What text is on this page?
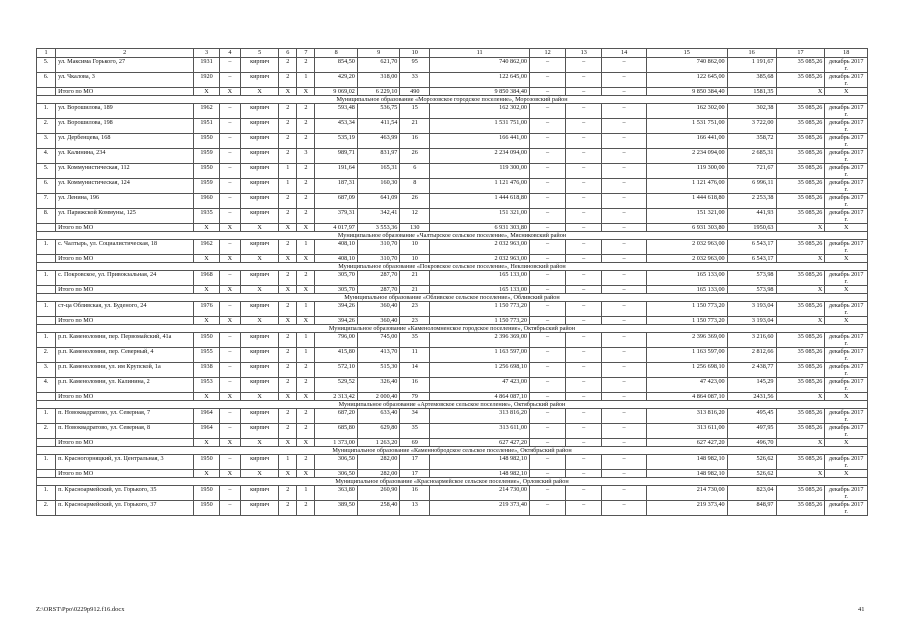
1	2	3	4	5	6	7	8	9	10	11	12	13	14	15	16	17	18
5.	ул. Максима Горького, 27	1931	–	кирпич	2	2	854,50	621,70	95	740 862,00	–	–	–	740 862,00	1 191,67	35 085,26	декабрь 2017 г.
6.	ул. Чкалова, 3	1920	–	кирпич	2	1	429,20	318,00	33	122 645,00	–	–	–	122 645,00	385,68	35 085,26	декабрь 2017 г.
	Итого по МО	X	X	X	X	X	9 069,02	6 229,10	490	9 850 384,40	–	–	–	9 850 384,40	1581,35	X	X
Муниципальное образование «Морозовское городское поселение», Морозовский район																	
1.	ул. Ворошилова, 189	1962	–	кирпич	2	2	593,48	536,75	15	162 302,00	–	–	–	162 302,00	302,38	35 085,26	декабрь 2017 г.
2.	ул. Ворошилова, 198	1951	–	кирпич	2	2	453,34	411,54	21	1 531 751,00	–	–	–	1 531 751,00	3 722,00	35 085,26	декабрь 2017 г.
3.	ул. Дербенцева, 168	1950	–	кирпич	2	2	535,19	463,99	16	166 441,00	–	–	–	166 441,00	358,72	35 085,26	декабрь 2017 г.
4.	ул. Калинина, 234	1959	–	кирпич	2	3	989,71	831,97	26	2 234 094,00	–	–	–	2 234 094,00	2 685,31	35 085,26	декабрь 2017 г.
5.	ул. Коммунистическая, 112	1950	–	кирпич	1	2	191,64	165,31	6	119 300,00	–	–	–	119 300,00	721,67	35 085,26	декабрь 2017 г.
6.	ул. Коммунистическая, 124	1959	–	кирпич	1	2	187,31	160,30	8	1 121 476,00	–	–	–	1 121 476,00	6 996,11	35 085,26	декабрь 2017 г.
7.	ул. Ленина, 196	1960	–	кирпич	2	2	687,09	641,09	26	1 444 618,80	–	–	–	1 444 618,80	2 253,38	35 085,26	декабрь 2017 г.
8.	ул. Парижской Коммуны, 125	1935	–	кирпич	2	2	379,31	342,41	12	151 321,00	–	–	–	151 321,00	441,93	35 085,26	декабрь 2017 г.
	Итого по МО	X	X	X	X	X	4 017,97	3 553,36	130	6 931 303,80	–	–	–	6 931 303,80	1950,63	X	X
Муниципальное образование «Чалтырское сельское поселение», Мясниковский район																	
1.	с. Чалтырь, ул. Социалистическая, 18	1962	–	кирпич	2	1	408,10	310,70	10	2 032 963,00	–	–	–	2 032 963,00	6 543,17	35 085,26	декабрь 2017 г.
	Итого по МО	X	X	X	X	X	408,10	310,70	10	2 032 963,00	–	–	–	2 032 963,00	6 543,17	X	X
Муниципальное образование «Покровское сельское поселение», Неклиновский район																	
1.	с. Покровское, ул. Привокзальная, 24	1968	–	кирпич	2	2	305,70	287,70	21	165 133,00	–	–	–	165 133,00	573,98	35 085,26	декабрь 2017 г.
	Итого по МО	X	X	X	X	X	305,70	287,70	21	165 133,00	–	–	–	165 133,00	573,98	X	X
Муниципальное образование «Обливское сельское поселение», Обливский район																	
1.	ст-ца Обливская, ул. Буденого, 24	1976	–	кирпич	2	1	394,26	360,40	23	1 150 773,20	–	–	–	1 150 773,20	3 193,04	35 085,26	декабрь 2017 г.
	Итого по МО	X	X	X	X	X	394,26	360,40	23	1 150 773,20	–	–	–	1 150 773,20	3 193,04	X	X
Муниципальное образование «Каменоломненское городское поселение», Октябрьский район																	
1.	р.п. Каменоломни, пер. Первомайский, 41а	1950	–	кирпич	2	1	796,00	745,00	35	2 396 369,00	–	–	–	2 396 369,00	3 216,60	35 085,26	декабрь 2017 г.
2.	р.п. Каменоломни, пер. Северный, 4	1955	–	кирпич	2	1	415,80	413,70	11	1 163 597,00	–	–	–	1 163 597,00	2 812,66	35 085,26	декабрь 2017 г.
3.	р.п. Каменоломни, ул. им Крупской, 1а	1938	–	кирпич	2	2	572,10	515,30	14	1 256 698,10	–	–	–	1 256 698,10	2 438,77	35 085,26	декабрь 2017 г.
4.	р.п. Каменоломни, ул. Калинина, 2	1953	–	кирпич	2	2	529,52	326,40	16	47 423,00	–	–	–	47 423,00	145,29	35 085,26	декабрь 2017 г.
	Итого по МО	X	X	X	X	X	2 313,42	2 000,40	79	4 864 087,10	–	–	–	4 864 087,10	2431,56	X	X
Муниципальное образование «Артемовское сельское поселение», Октябрьский район																	
1.	п. Новоквадратово, ул. Северная, 7	1964	–	кирпич	2	2	687,20	633,40	34	313 816,20	–	–	–	313 816,20	495,45	35 085,26	декабрь 2017 г.
2.	п. Новоквадратово, ул. Северная, 8	1964	–	кирпич	2	2	685,80	629,80	35	313 611,00	–	–	–	313 611,00	497,95	35 085,26	декабрь 2017 г.
	Итого по МО	X	X	X	X	X	1 373,00	1 263,20	69	627 427,20	–	–	–	627 427,20	496,70	X	X
Муниципальное образование «Каменнобродское сельское поселение», Октябрьский район																	
1.	п. Красногорняцкий, ул. Центральная, 3	1950	–	кирпич	1	2	306,50	282,00	17	148 982,10	–	–	–	148 982,10	526,62	35 085,26	декабрь 2017 г.
	Итого по МО	X	X	X	X	X	306,50	282,00	17	148 982,10	–	–	–	148 982,10	526,62	X	X
Муниципальное образование «Красноармейское сельское поселение», Орловский район																	
1.	п. Красноармейский, ул. Горького, 35	1950	–	кирпич	2	1	363,80	260,90	16	214 730,00	–	–	–	214 730,00	823,04	35 085,26	декабрь 2017 г.
2.	п. Красноармейский, ул. Горького, 37	1950	–	кирпич	2	2	389,50	258,40	13	219 373,40	–	–	–	219 373,40	848,97	35 085,26	декабрь 2017 г.
Z:\ORST\Ppo\0229p912.f16.docx	41
